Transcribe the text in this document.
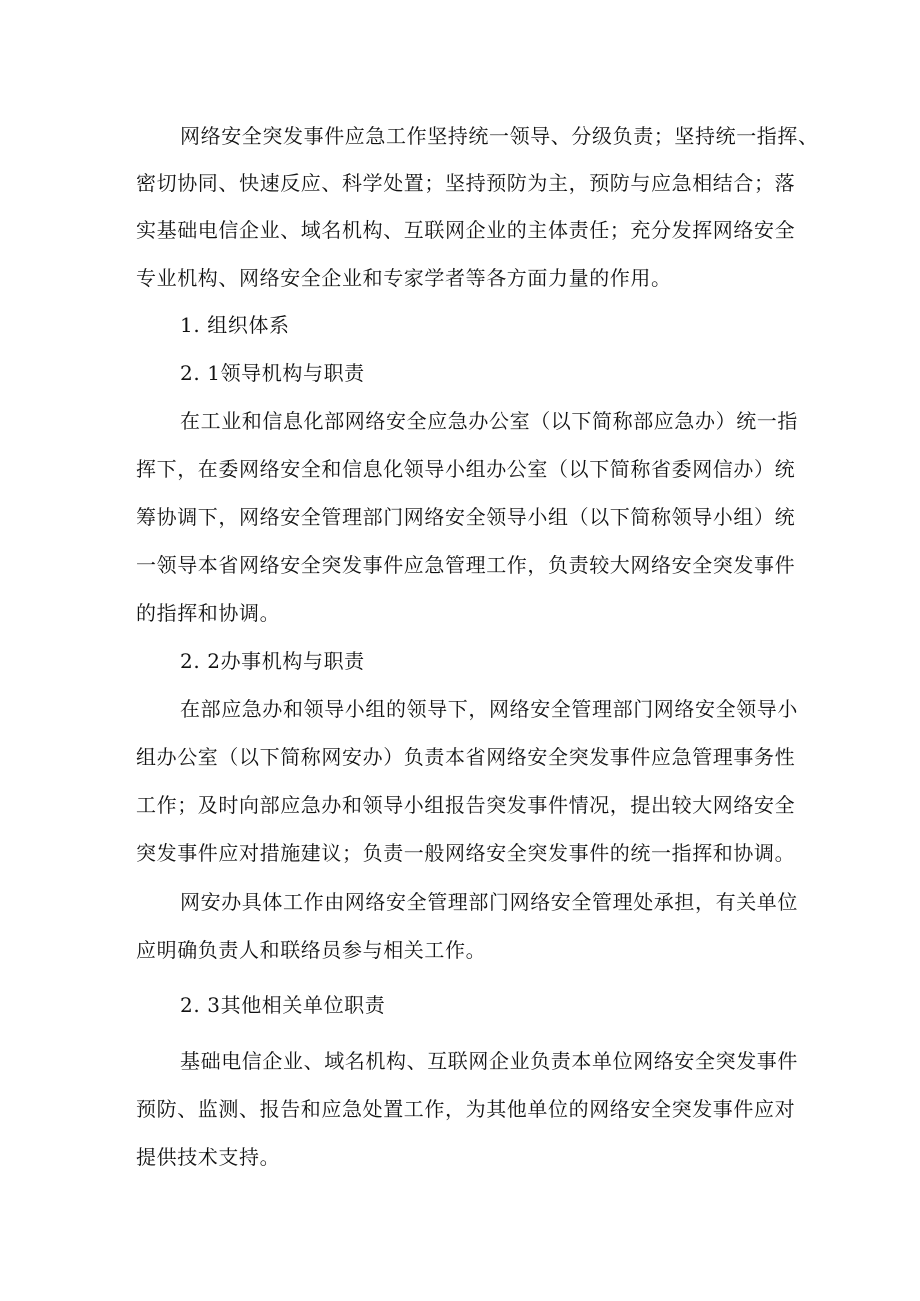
网络安全突发事件应急工作坚持统一领导、分级负责；坚持统一指挥、
密切协同、快速反应、科学处置；坚持预防为主，预防与应急相结合；落
实基础电信企业、域名机构、互联网企业的主体责任；充分发挥网络安全
专业机构、网络安全企业和专家学者等各方面力量的作用。
1. 组织体系
2. 1领导机构与职责
在工业和信息化部网络安全应急办公室（以下简称部应急办）统一指
挥下，在委网络安全和信息化领导小组办公室（以下简称省委网信办）统
筹协调下，网络安全管理部门网络安全领导小组（以下简称领导小组）统
一领导本省网络安全突发事件应急管理工作，负责较大网络安全突发事件
的指挥和协调。
2. 2办事机构与职责
在部应急办和领导小组的领导下，网络安全管理部门网络安全领导小
组办公室（以下简称网安办）负责本省网络安全突发事件应急管理事务性
工作；及时向部应急办和领导小组报告突发事件情况，提出较大网络安全
突发事件应对措施建议；负责一般网络安全突发事件的统一指挥和协调。
网安办具体工作由网络安全管理部门网络安全管理处承担，有关单位
应明确负责人和联络员参与相关工作。
2. 3其他相关单位职责
基础电信企业、域名机构、互联网企业负责本单位网络安全突发事件
预防、监测、报告和应急处置工作，为其他单位的网络安全突发事件应对
提供技术支持。
